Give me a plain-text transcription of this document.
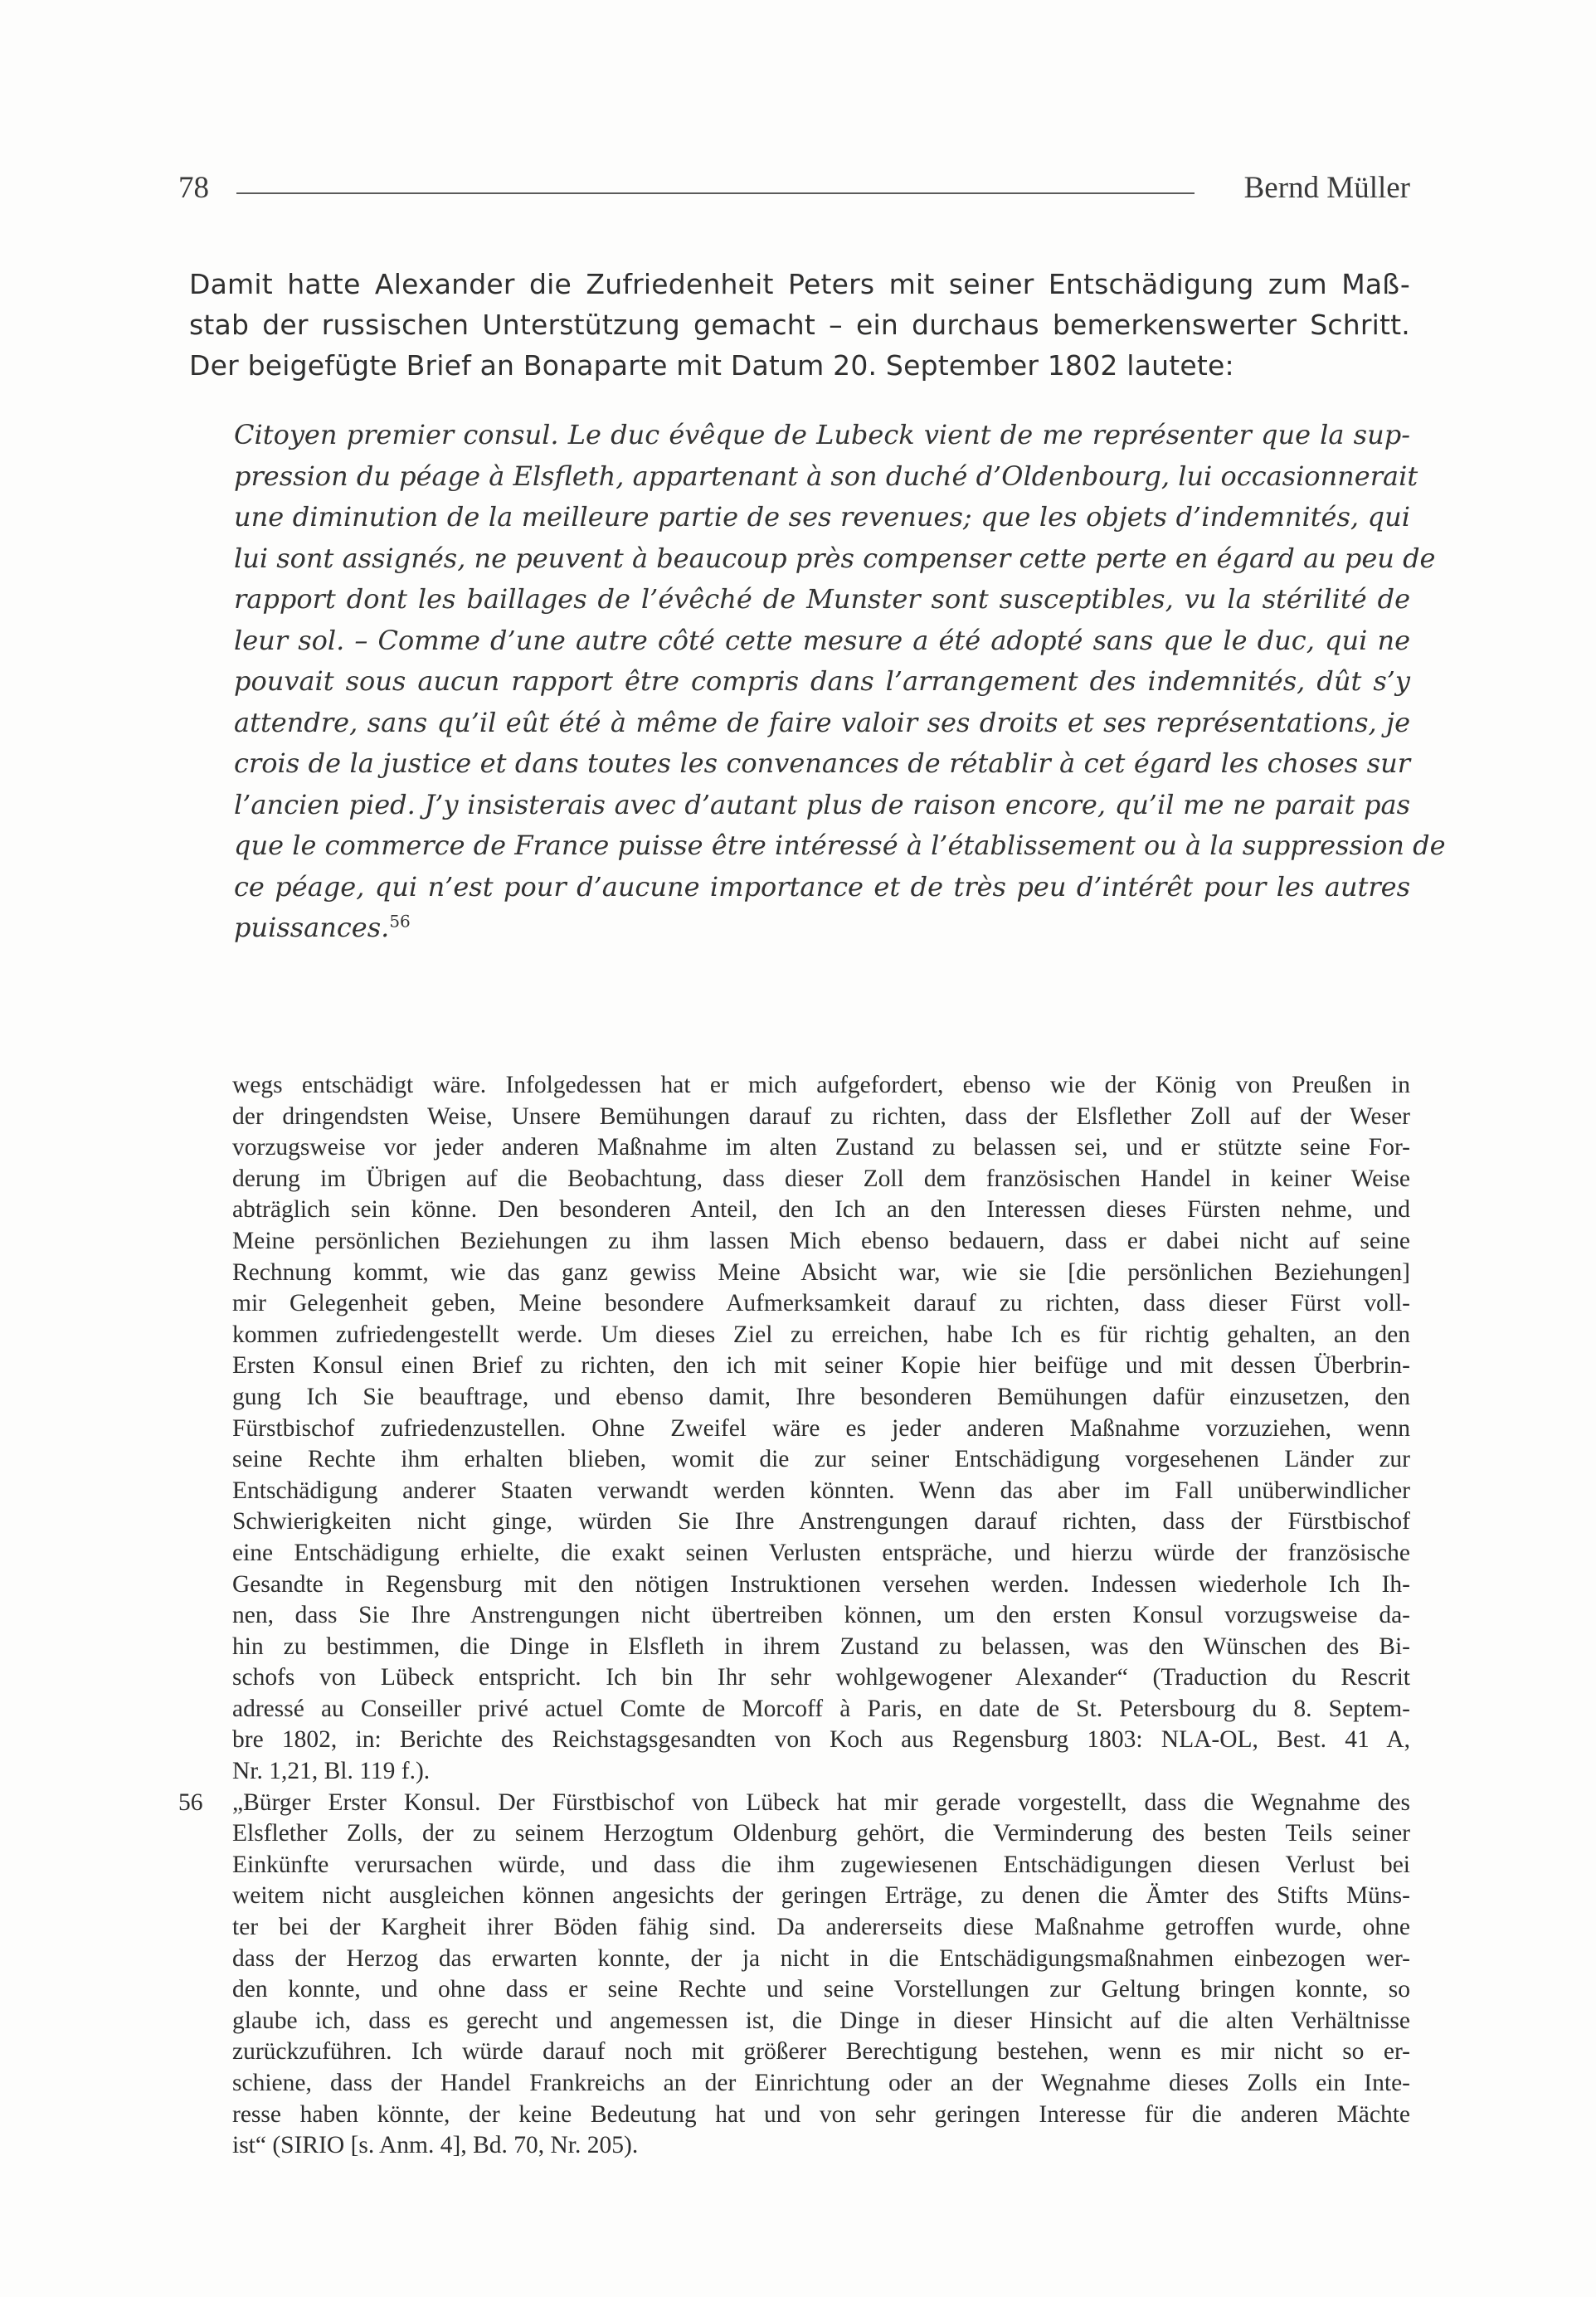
78	Bernd Müller
Damit hatte Alexander die Zufriedenheit Peters mit seiner Entschädigung zum Maß-
stab der russischen Unterstützung gemacht – ein durchaus bemerkenswerter Schritt.
Der beigefügte Brief an Bonaparte mit Datum 20. September 1802 lautete:
Citoyen premier consul. Le duc évêque de Lubeck vient de me représenter que la sup-
pression du péage à Elsfleth, appartenant à son duché d’Oldenbourg, lui occasionnerait
une diminution de la meilleure partie de ses revenues; que les objets d’indemnités, qui
lui sont assignés, ne peuvent à beaucoup près compenser cette perte en égard au peu de
rapport dont les baillages de l’évêché de Munster sont susceptibles, vu la stérilité de
leur sol. – Comme d’une autre côté cette mesure a été adopté sans que le duc, qui ne
pouvait sous aucun rapport être compris dans l’arrangement des indemnités, dût s’y
attendre, sans qu’il eût été à même de faire valoir ses droits et ses représentations, je
crois de la justice et dans toutes les convenances de rétablir à cet égard les choses sur
l’ancien pied. J’y insisterais avec d’autant plus de raison encore, qu’il me ne parait pas
que le commerce de France puisse être intéressé à l’établissement ou à la suppression de
ce péage, qui n’est pour d’aucune importance et de très peu d’intérêt pour les autres
puissances.$^{56}$
wegs entschädigt wäre. Infolgedessen hat er mich aufgefordert, ebenso wie der König von Preußen in
der dringendsten Weise, Unsere Bemühungen darauf zu richten, dass der Elsflether Zoll auf der Weser
vorzugsweise vor jeder anderen Maßnahme im alten Zustand zu belassen sei, und er stützte seine For-
derung im Übrigen auf die Beobachtung, dass dieser Zoll dem französischen Handel in keiner Weise
abträglich sein könne. Den besonderen Anteil, den Ich an den Interessen dieses Fürsten nehme, und
Meine persönlichen Beziehungen zu ihm lassen Mich ebenso bedauern, dass er dabei nicht auf seine
Rechnung kommt, wie das ganz gewiss Meine Absicht war, wie sie [die persönlichen Beziehungen]
mir Gelegenheit geben, Meine besondere Aufmerksamkeit darauf zu richten, dass dieser Fürst voll-
kommen zufriedengestellt werde. Um dieses Ziel zu erreichen, habe Ich es für richtig gehalten, an den
Ersten Konsul einen Brief zu richten, den ich mit seiner Kopie hier beifüge und mit dessen Überbrin-
gung Ich Sie beauftrage, und ebenso damit, Ihre besonderen Bemühungen dafür einzusetzen, den
Fürstbischof zufriedenzustellen. Ohne Zweifel wäre es jeder anderen Maßnahme vorzuziehen, wenn
seine Rechte ihm erhalten blieben, womit die zur seiner Entschädigung vorgesehenen Länder zur
Entschädigung anderer Staaten verwandt werden könnten. Wenn das aber im Fall unüberwindlicher
Schwierigkeiten nicht ginge, würden Sie Ihre Anstrengungen darauf richten, dass der Fürstbischof
eine Entschädigung erhielte, die exakt seinen Verlusten entspräche, und hierzu würde der französische
Gesandte in Regensburg mit den nötigen Instruktionen versehen werden. Indessen wiederhole Ich Ih-
nen, dass Sie Ihre Anstrengungen nicht übertreiben können, um den ersten Konsul vorzugsweise da-
hin zu bestimmen, die Dinge in Elsfleth in ihrem Zustand zu belassen, was den Wünschen des Bi-
schofs von Lübeck entspricht. Ich bin Ihr sehr wohlgewogener Alexander“ (Traduction du Rescrit
adressé au Conseiller privé actuel Comte de Morcoff à Paris, en date de St. Petersbourg du 8. Septem-
bre 1802, in: Berichte des Reichstagsgesandten von Koch aus Regensburg 1803: NLA-OL, Best. 41 A,
Nr. 1,21, Bl. 119 f.).
56 „Bürger Erster Konsul. Der Fürstbischof von Lübeck hat mir gerade vorgestellt, dass die Wegnahme des
Elsflether Zolls, der zu seinem Herzogtum Oldenburg gehört, die Verminderung des besten Teils seiner
Einkünfte verursachen würde, und dass die ihm zugewiesenen Entschädigungen diesen Verlust bei
weitem nicht ausgleichen können angesichts der geringen Erträge, zu denen die Ämter des Stifts Müns-
ter bei der Kargheit ihrer Böden fähig sind. Da andererseits diese Maßnahme getroffen wurde, ohne
dass der Herzog das erwarten konnte, der ja nicht in die Entschädigungsmaßnahmen einbezogen wer-
den konnte, und ohne dass er seine Rechte und seine Vorstellungen zur Geltung bringen konnte, so
glaube ich, dass es gerecht und angemessen ist, die Dinge in dieser Hinsicht auf die alten Verhältnisse
zurückzuführen. Ich würde darauf noch mit größerer Berechtigung bestehen, wenn es mir nicht so er-
schiene, dass der Handel Frankreichs an der Einrichtung oder an der Wegnahme dieses Zolls ein Inte-
resse haben könnte, der keine Bedeutung hat und von sehr geringen Interesse für die anderen Mächte
ist“ (SIRIO [s. Anm. 4], Bd. 70, Nr. 205).
